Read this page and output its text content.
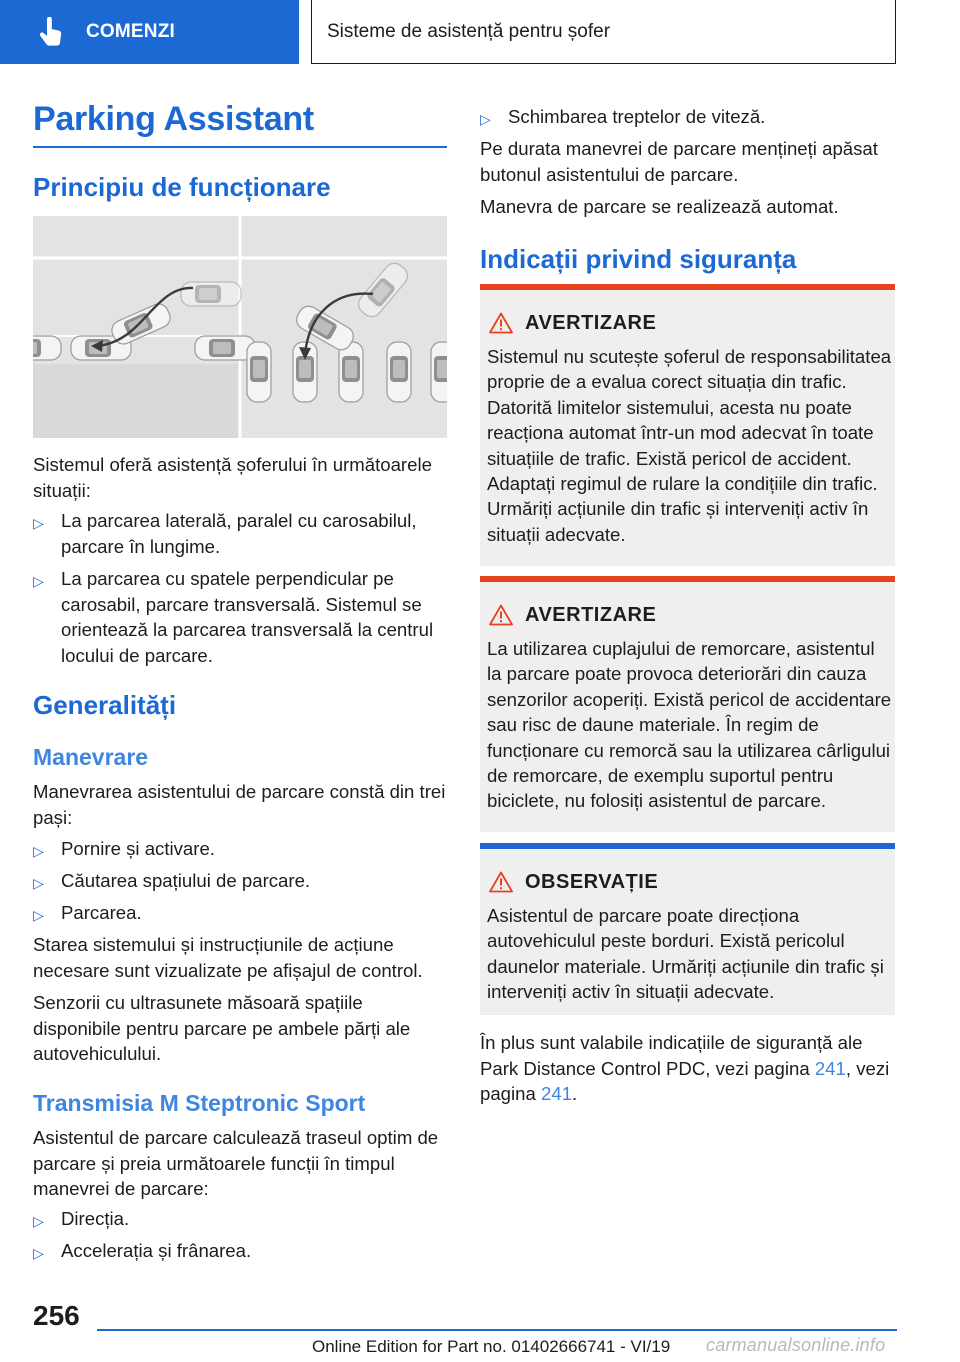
COMENZI	Sisteme de asistență pentru șofer
Parking Assistant
Principiu de funcționare
Sistemul oferă asistență șoferului în următoarele situații:
▷ La parcarea laterală, paralel cu carosabilul, parcare în lungime.
▷ La parcarea cu spatele perpendicular pe carosabil, parcare transversală. Sistemul se orientează la parcarea transversală la centrul locului de parcare.
Generalități
Manevrare
Manevrarea asistentului de parcare constă din trei pași:
▷ Pornire și activare.
▷ Căutarea spațiului de parcare.
▷ Parcarea.
Starea sistemului și instrucțiunile de acțiune necesare sunt vizualizate pe afișajul de control.
Senzorii cu ultrasunete măsoară spațiile disponibile pentru parcare pe ambele părți ale autovehiculului.
Transmisia M Steptronic Sport
Asistentul de parcare calculează traseul optim de parcare și preia următoarele funcții în timpul manevrei de parcare:
▷ Direcția.
▷ Accelerația și frânarea.
▷ Schimbarea treptelor de viteză.
Pe durata manevrei de parcare mențineți apăsat butonul asistentului de parcare.
Manevra de parcare se realizează automat.
Indicații privind siguranța
AVERTIZARE
Sistemul nu scutește șoferul de responsabilitatea proprie de a evalua corect situația din trafic. Datorită limitelor sistemului, acesta nu poate reacționa automat într-un mod adecvat în toate situațiile de trafic. Există pericol de accident. Adaptați regimul de rulare la condițiile din trafic. Urmăriți acțiunile din trafic și interveniți activ în situații adecvate.
AVERTIZARE
La utilizarea cuplajului de remorcare, asistentul la parcare poate provoca deteriorări din cauza senzorilor acoperiți. Există pericol de accidentare sau risc de daune materiale. În regim de funcționare cu remorcă sau la utilizarea cârligului de remorcare, de exemplu suportul pentru biciclete, nu folosiți asistentul de parcare.
OBSERVAȚIE
Asistentul de parcare poate direcționa autovehiculul peste borduri. Există pericolul daunelor materiale. Urmăriți acțiunile din trafic și interveniți activ în situații adecvate.
În plus sunt valabile indicațiile de siguranță ale Park Distance Control PDC, vezi pagina 241, vezi pagina 241.
256
Online Edition for Part no. 01402666741 - VI/19 carmanualsonline.info
